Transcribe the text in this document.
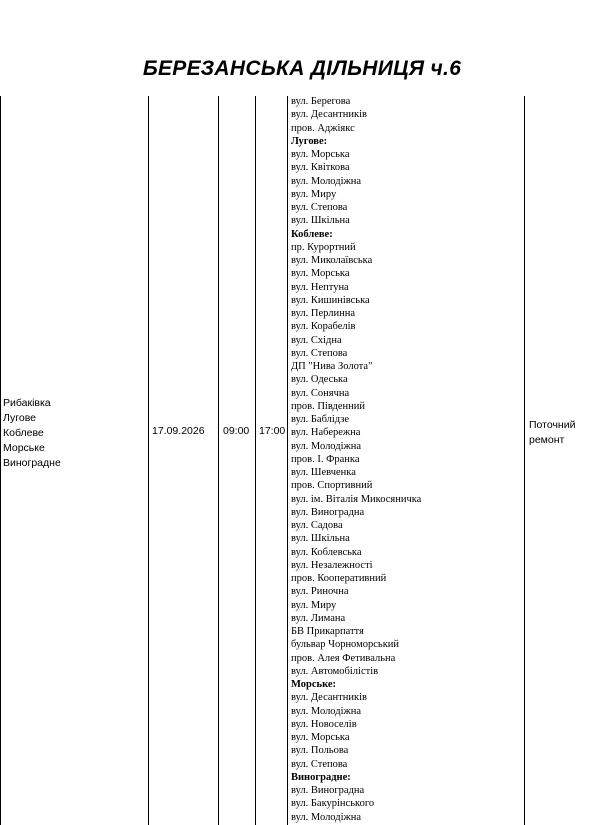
БЕРЕЗАНСЬКА ДІЛЬНИЦЯ ч.6
Рибаківка
Лугове
Коблеве
Морське
Виноградне
17.09.2026	09:00 17:00
вул. Берегова
вул. Десантників
пров. Аджіякс
Лугове:
вул. Морська
вул. Квіткова
вул. Молодіжна
вул. Миру
вул. Степова
вул. Шкільна
Коблеве:
пр. Курортний
вул. Миколаївська
вул. Морська
вул. Нептуна
вул. Кишинівська
вул. Перлинна
вул. Корабелів
вул. Східна
вул. Степова
ДП "Нива Золота"
вул. Одеська
вул. Сонячна
пров. Південний
вул. Баблідзе
вул. Набережна
вул. Молодіжна
пров. І. Франка
вул. Шевченка
пров. Спортивний
вул. ім. Віталія Микосяничка
вул. Виноградна
вул. Садова
вул. Шкільна
вул. Коблевська
вул. Незалежності
пров. Кооперативний
вул. Риночна
вул. Миру
вул. Лимана
БВ Прикарпаття
бульвар Чорноморський
пров. Алея Фетивальна
вул. Автомобілістів
Морське:
вул. Десантників
вул. Молодіжна
вул. Новоселів
вул. Морська
вул. Польова
вул. Степова
Виноградне:
вул. Виноградна
вул. Бакурінського
вул. Молодіжна
Поточний
ремонт
